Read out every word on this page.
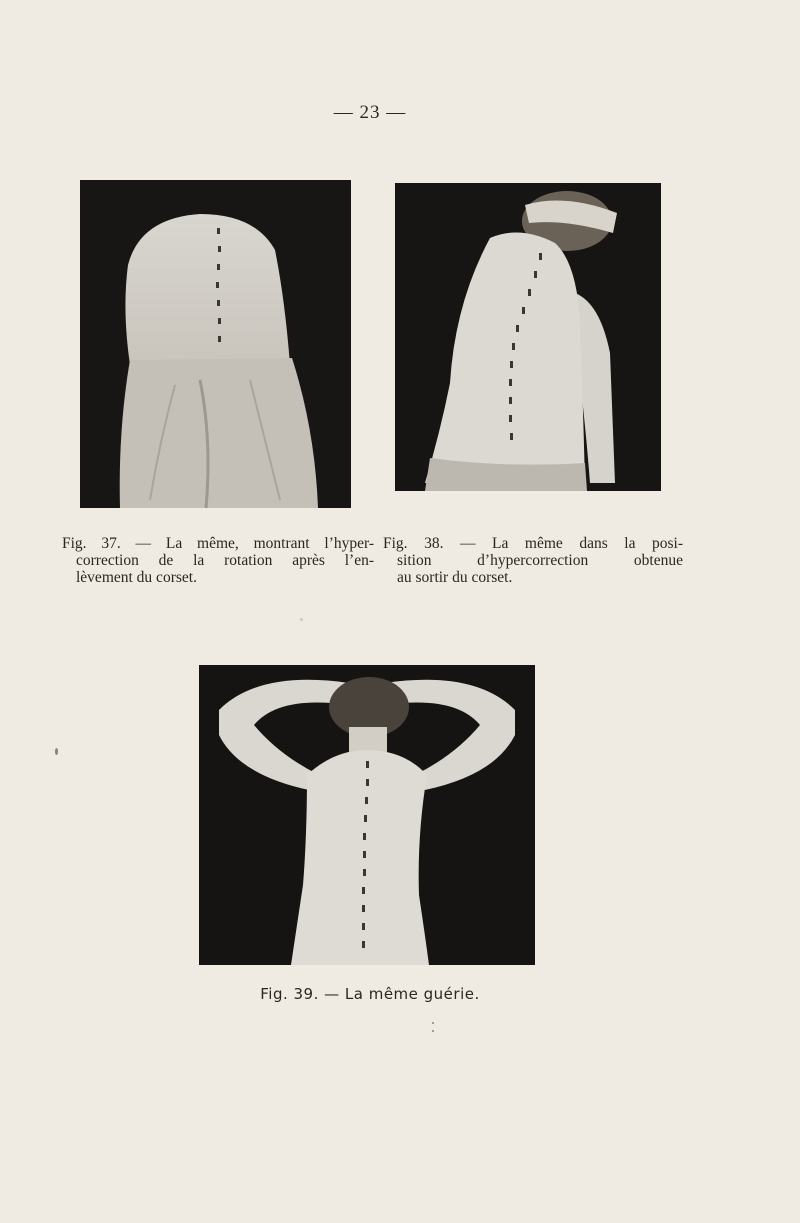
— 23 —
Fig. 37. — La même, montrant l’hyper-
correction de la rotation après l’en-
lèvement du corset.
Fig. 38. — La même dans la posi-
sition d’hypercorrection obtenue
au sortir du corset.
Fig. 39. — La même guérie.
